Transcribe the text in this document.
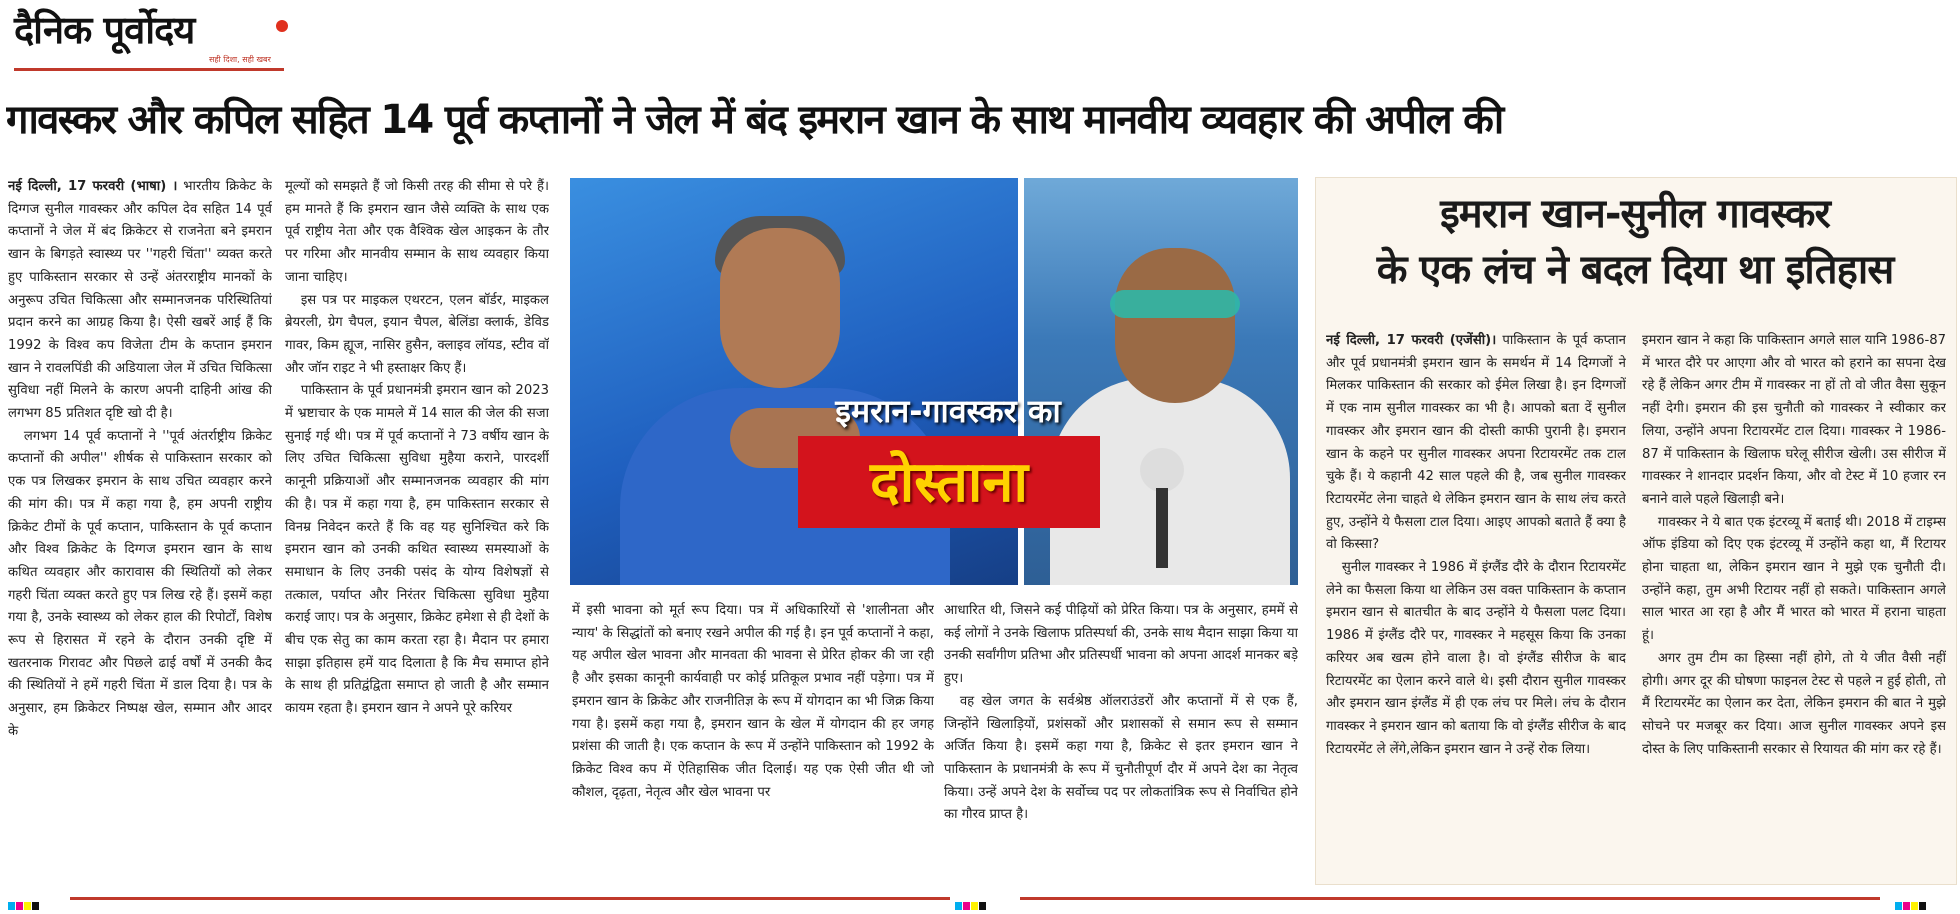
दैनिक पूर्वोदय
सही दिशा, सही खबर
गावस्कर और कपिल सहित 14 पूर्व कप्तानों ने जेल में बंद इमरान खान के साथ मानवीय व्यवहार की अपील की

नई दिल्ली, 17 फरवरी (भाषा) । भारतीय क्रिकेट के दिग्गज सुनील गावस्कर और कपिल देव सहित 14 पूर्व कप्तानों ने जेल में बंद क्रिकेटर से राजनेता बने इमरान खान के बिगड़ते स्वास्थ्य पर ''गहरी चिंता'' व्यक्त करते हुए पाकिस्तान सरकार से उन्हें अंतरराष्ट्रीय मानकों के अनुरूप उचित चिकित्सा और सम्मानजनक परिस्थितियां प्रदान करने का आग्रह किया है। ऐसी खबरें आई हैं कि 1992 के विश्व कप विजेता टीम के कप्तान इमरान खान ने रावलपिंडी की अडियाला जेल में उचित चिकित्सा सुविधा नहीं मिलने के कारण अपनी दाहिनी आंख की लगभग 85 प्रतिशत दृष्टि खो दी है।

लगभग 14 पूर्व कप्तानों ने ''पूर्व अंतर्राष्ट्रीय क्रिकेट कप्तानों की अपील'' शीर्षक से पाकिस्तान सरकार को एक पत्र लिखकर इमरान के साथ उचित व्यवहार करने की मांग की। पत्र में कहा गया है, हम अपनी राष्ट्रीय क्रिकेट टीमों के पूर्व कप्तान, पाकिस्तान के पूर्व कप्तान और विश्व क्रिकेट के दिग्गज इमरान खान के साथ कथित व्यवहार और कारावास की स्थितियों को लेकर गहरी चिंता व्यक्त करते हुए पत्र लिख रहे हैं। इसमें कहा गया है, उनके स्वास्थ्य को लेकर हाल की रिपोर्टों, विशेष रूप से हिरासत में रहने के दौरान उनकी दृष्टि में खतरनाक गिरावट और पिछले ढाई वर्षों में उनकी कैद की स्थितियों ने हमें गहरी चिंता में डाल दिया है। पत्र के अनुसार, हम क्रिकेटर निष्पक्ष खेल, सम्मान और आदर के

मूल्यों को समझते हैं जो किसी तरह की सीमा से परे हैं। हम मानते हैं कि इमरान खान जैसे व्यक्ति के साथ एक पूर्व राष्ट्रीय नेता और एक वैश्विक खेल आइकन के तौर पर गरिमा और मानवीय सम्मान के साथ व्यवहार किया जाना चाहिए।

इस पत्र पर माइकल एथरटन, एलन बॉर्डर, माइकल ब्रेयरली, ग्रेग चैपल, इयान चैपल, बेलिंडा क्लार्क, डेविड गावर, किम ह्यूज, नासिर हुसैन, क्लाइव लॉयड, स्टीव वॉ और जॉन राइट ने भी हस्ताक्षर किए हैं।

पाकिस्तान के पूर्व प्रधानमंत्री इमरान खान को 2023 में भ्रष्टाचार के एक मामले में 14 साल की जेल की सजा सुनाई गई थी। पत्र में पूर्व कप्तानों ने 73 वर्षीय खान के लिए उचित चिकित्सा सुविधा मुहैया कराने, पारदर्शी कानूनी प्रक्रियाओं और सम्मानजनक व्यवहार की मांग की है। पत्र में कहा गया है, हम पाकिस्तान सरकार से विनम्र निवेदन करते हैं कि वह यह सुनिश्चित करे कि इमरान खान को उनकी कथित स्वास्थ्य समस्याओं के समाधान के लिए उनकी पसंद के योग्य विशेषज्ञों से तत्काल, पर्याप्त और निरंतर चिकित्सा सुविधा मुहैया कराई जाए। पत्र के अनुसार, क्रिकेट हमेशा से ही देशों के बीच एक सेतु का काम करता रहा है। मैदान पर हमारा साझा इतिहास हमें याद दिलाता है कि मैच समाप्त होने के साथ ही प्रतिद्वंद्विता समाप्त हो जाती है और सम्मान कायम रहता है। इमरान खान ने अपने पूरे करियर

इमरान-गावस्कर का
दोस्ताना

में इसी भावना को मूर्त रूप दिया। पत्र में अधिकारियों से 'शालीनता और न्याय' के सिद्धांतों को बनाए रखने अपील की गई है। इन पूर्व कप्तानों ने कहा, यह अपील खेल भावना और मानवता की भावना से प्रेरित होकर की जा रही है और इसका कानूनी कार्यवाही पर कोई प्रतिकूल प्रभाव नहीं पड़ेगा। पत्र में इमरान खान के क्रिकेट और राजनीतिज्ञ के रूप में योगदान का भी जिक्र किया गया है। इसमें कहा गया है, इमरान खान के खेल में योगदान की हर जगह प्रशंसा की जाती है। एक कप्तान के रूप में उन्होंने पाकिस्तान को 1992 के क्रिकेट विश्व कप में ऐतिहासिक जीत दिलाई। यह एक ऐसी जीत थी जो कौशल, दृढ़ता, नेतृत्व और खेल भावना पर

आधारित थी, जिसने कई पीढ़ियों को प्रेरित किया। पत्र के अनुसार, हममें से कई लोगों ने उनके खिलाफ प्रतिस्पर्धा की, उनके साथ मैदान साझा किया या उनकी सर्वांगीण प्रतिभा और प्रतिस्पर्धी भावना को अपना आदर्श मानकर बड़े हुए।

वह खेल जगत के सर्वश्रेष्ठ ऑलराउंडरों और कप्तानों में से एक हैं, जिन्होंने खिलाड़ियों, प्रशंसकों और प्रशासकों से समान रूप से सम्मान अर्जित किया है। इसमें कहा गया है, क्रिकेट से इतर इमरान खान ने पाकिस्तान के प्रधानमंत्री के रूप में चुनौतीपूर्ण दौर में अपने देश का नेतृत्व किया। उन्हें अपने देश के सर्वोच्च पद पर लोकतांत्रिक रूप से निर्वाचित होने का गौरव प्राप्त है।

इमरान खान-सुनील गावस्कर
के एक लंच ने बदल दिया था इतिहास

नई दिल्ली, 17 फरवरी (एजेंसी)। पाकिस्तान के पूर्व कप्तान और पूर्व प्रधानमंत्री इमरान खान के समर्थन में 14 दिग्गजों ने मिलकर पाकिस्तान की सरकार को ईमेल लिखा है। इन दिग्गजों में एक नाम सुनील गावस्कर का भी है। आपको बता दें सुनील गावस्कर और इमरान खान की दोस्ती काफी पुरानी है। इमरान खान के कहने पर सुनील गावस्कर अपना रिटायरमेंट तक टाल चुके हैं। ये कहानी 42 साल पहले की है, जब सुनील गावस्कर रिटायरमेंट लेना चाहते थे लेकिन इमरान खान के साथ लंच करते हुए, उन्होंने ये फैसला टाल दिया। आइए आपको बताते हैं क्या है वो किस्सा?

सुनील गावस्कर ने 1986 में इंग्लैंड दौरे के दौरान रिटायरमेंट लेने का फैसला किया था लेकिन उस वक्त पाकिस्तान के कप्तान इमरान खान से बातचीत के बाद उन्होंने ये फैसला पलट दिया। 1986 में इंग्लैंड दौरे पर, गावस्कर ने महसूस किया कि उनका करियर अब खत्म होने वाला है। वो इंग्लैंड सीरीज के बाद रिटायरमेंट का ऐलान करने वाले थे। इसी दौरान सुनील गावस्कर और इमरान खान इंग्लैंड में ही एक लंच पर मिले। लंच के दौरान गावस्कर ने इमरान खान को बताया कि वो इंग्लैंड सीरीज के बाद रिटायरमेंट ले लेंगे,लेकिन इमरान खान ने उन्हें रोक लिया।

इमरान खान ने कहा कि पाकिस्तान अगले साल यानि 1986-87 में भारत दौरे पर आएगा और वो भारत को हराने का सपना देख रहे हैं लेकिन अगर टीम में गावस्कर ना हों तो वो जीत वैसा सुकून नहीं देगी। इमरान की इस चुनौती को गावस्कर ने स्वीकार कर लिया, उन्होंने अपना रिटायरमेंट टाल दिया। गावस्कर ने 1986-87 में पाकिस्तान के खिलाफ घरेलू सीरीज खेली। उस सीरीज में गावस्कर ने शानदार प्रदर्शन किया, और वो टेस्ट में 10 हजार रन बनाने वाले पहले खिलाड़ी बने।

गावस्कर ने ये बात एक इंटरव्यू में बताई थी। 2018 में टाइम्स ऑफ इंडिया को दिए एक इंटरव्यू में उन्होंने कहा था, मैं रिटायर होना चाहता था, लेकिन इमरान खान ने मुझे एक चुनौती दी। उन्होंने कहा, तुम अभी रिटायर नहीं हो सकते। पाकिस्तान अगले साल भारत आ रहा है और मैं भारत को भारत में हराना चाहता हूं।

अगर तुम टीम का हिस्सा नहीं होगे, तो ये जीत वैसी नहीं होगी। अगर दूर की घोषणा फाइनल टेस्ट से पहले न हुई होती, तो मैं रिटायरमेंट का ऐलान कर देता, लेकिन इमरान की बात ने मुझे सोचने पर मजबूर कर दिया। आज सुनील गावस्कर अपने इस दोस्त के लिए पाकिस्तानी सरकार से रियायत की मांग कर रहे हैं।
